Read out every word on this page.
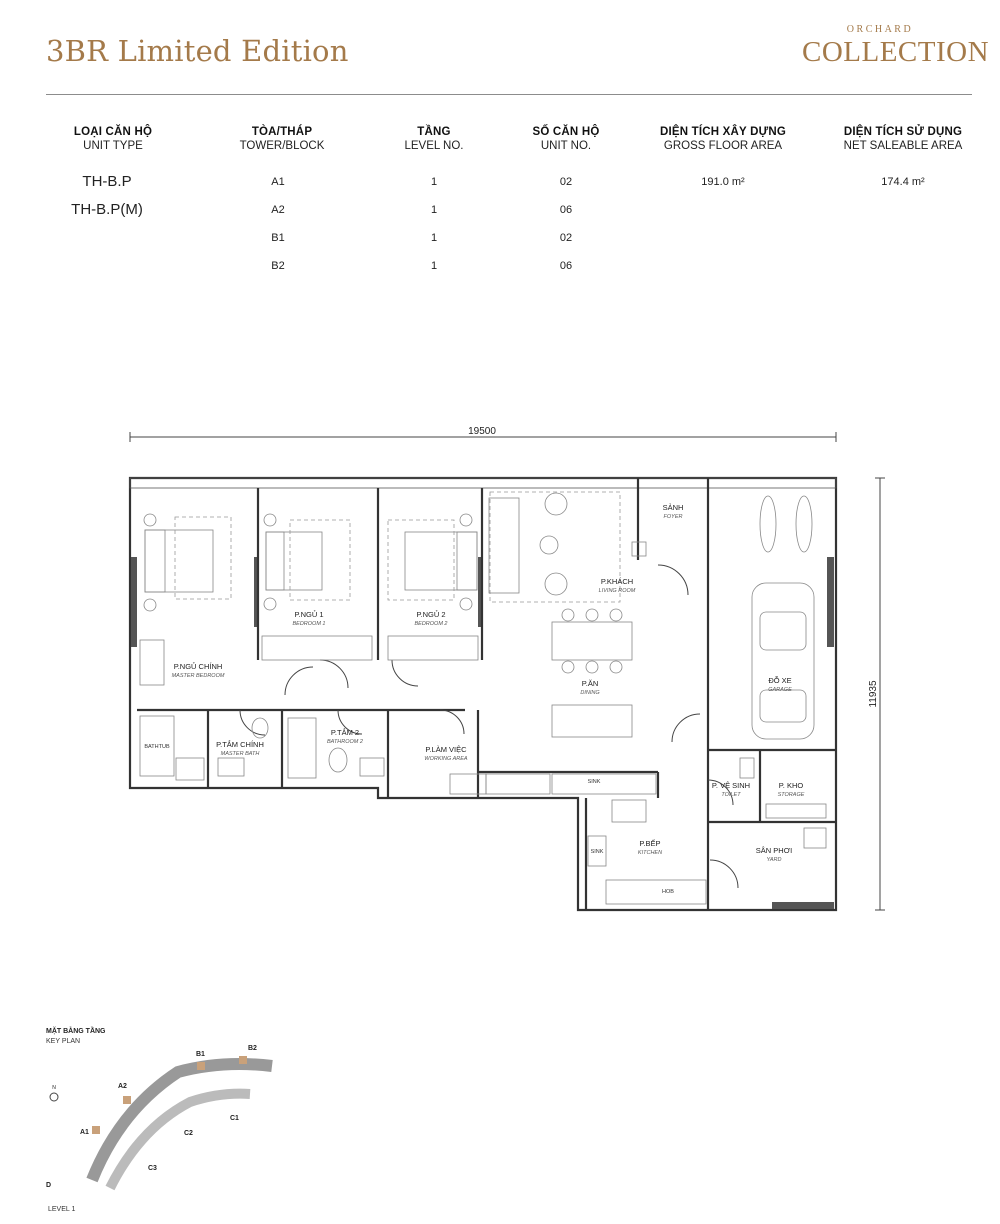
3BR Limited Edition
ORCHARD
COLLECTION
LOẠI CĂN HỘ
UNIT TYPE
TÒA/THÁP
TOWER/BLOCK
TẦNG
LEVEL NO.
SỐ CĂN HỘ
UNIT NO.
DIỆN TÍCH XÂY DỰNG
GROSS FLOOR AREA
DIỆN TÍCH SỬ DỤNG
NET SALEABLE AREA
TH-B.P
TH-B.P(M)
A1
A2
B1
B2
1
1
1
1
02
06
02
06
191.0 m²	174.4 m²
19500
11935
P.NGỦ CHÍNH
MASTER BEDROOM
P.NGỦ 1
BEDROOM 1
P.NGỦ 2
BEDROOM 2
P.KHÁCH
LIVING ROOM
SẢNH
FOYER
ĐỖ XE
GARAGE
P.ĂN
DINING
P.TẮM CHÍNH
MASTER BATH
P.TẮM 2
BATHROOM 2
P.LÀM VIỆC
WORKING AREA
P. VỆ SINH
TOILET
P. KHO
STORAGE
P.BẾP
KITCHEN	SÂN PHƠI
YARD
BATHTUB
SINK
SINK
HOB
MẶT BẰNG TẦNG
KEY PLAN
N
A1
A2
B1
B2
C1
C2
C3
D
LEVEL 1
